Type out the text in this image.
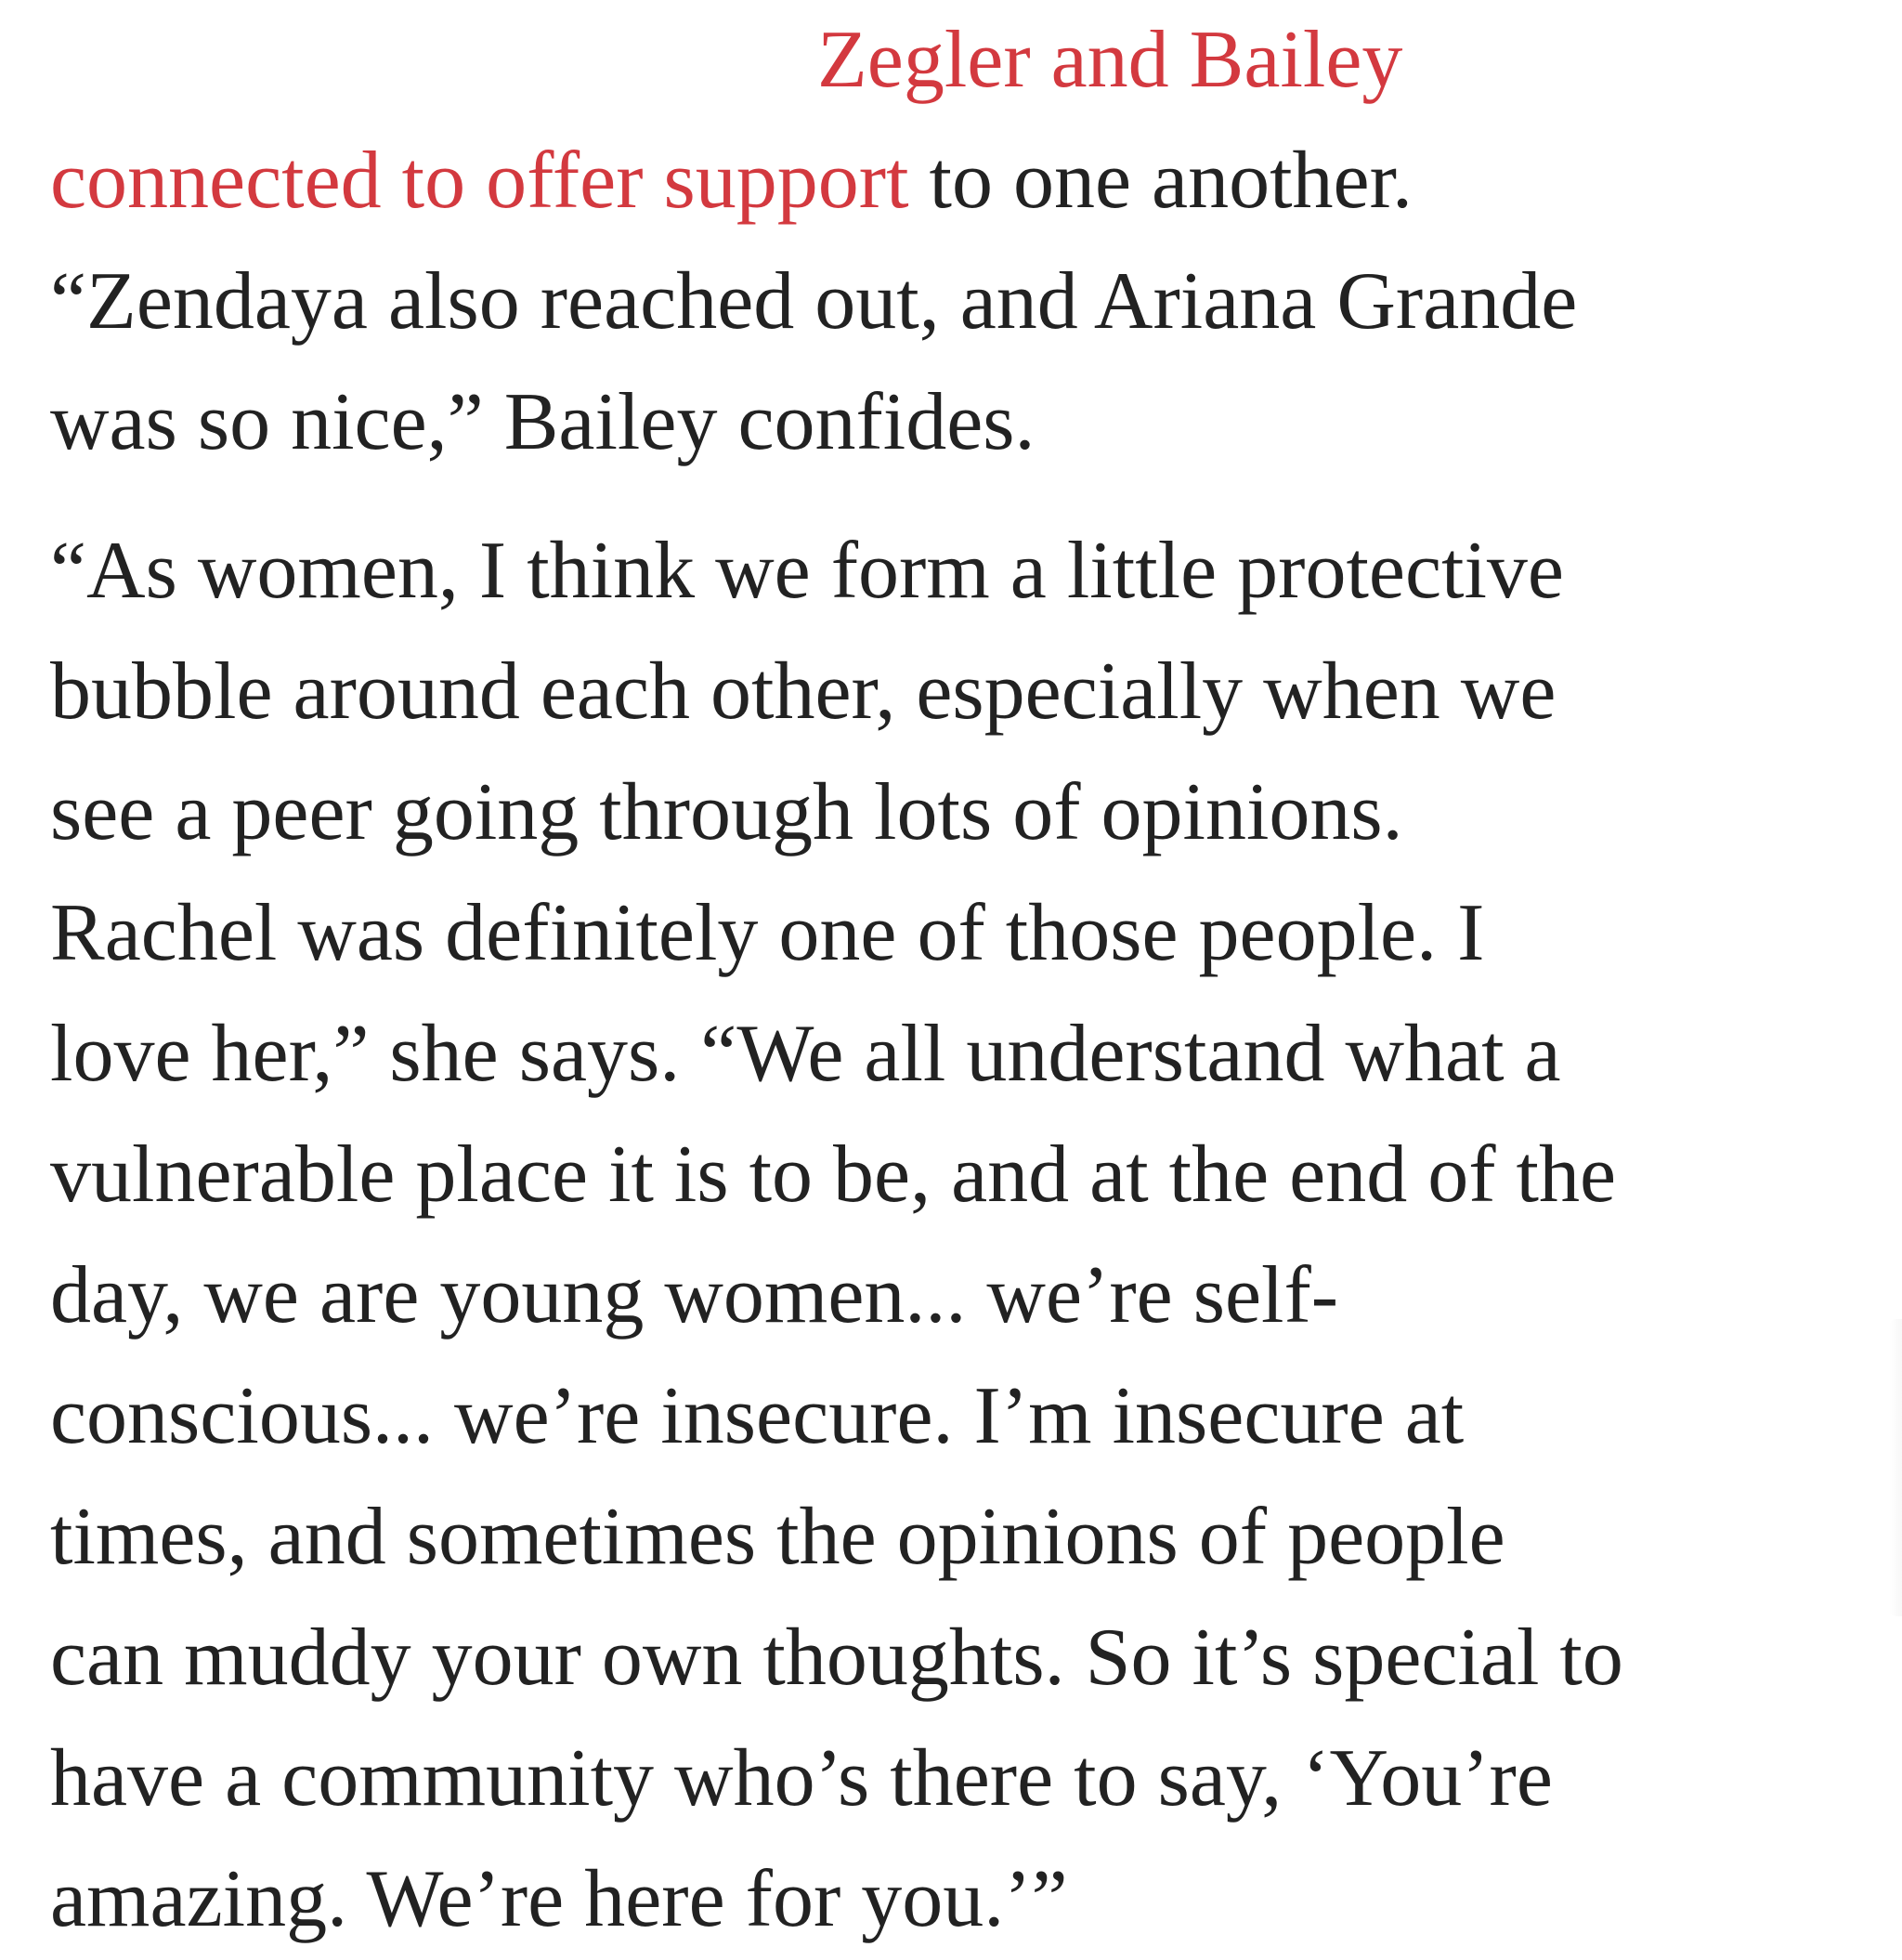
Zegler and Bailey
connected to offer support to one another.
“Zendaya also reached out, and Ariana Grande
was so nice,” Bailey confides.

“As women, I think we form a little protective
bubble around each other, especially when we
see a peer going through lots of opinions.
Rachel was definitely one of those people. I
love her,” she says. “We all understand what a
vulnerable place it is to be, and at the end of the
day, we are young women... we’re self-
conscious... we’re insecure. I’m insecure at
times, and sometimes the opinions of people
can muddy your own thoughts. So it’s special to
have a community who’s there to say, ‘You’re
amazing. We’re here for you.’”
